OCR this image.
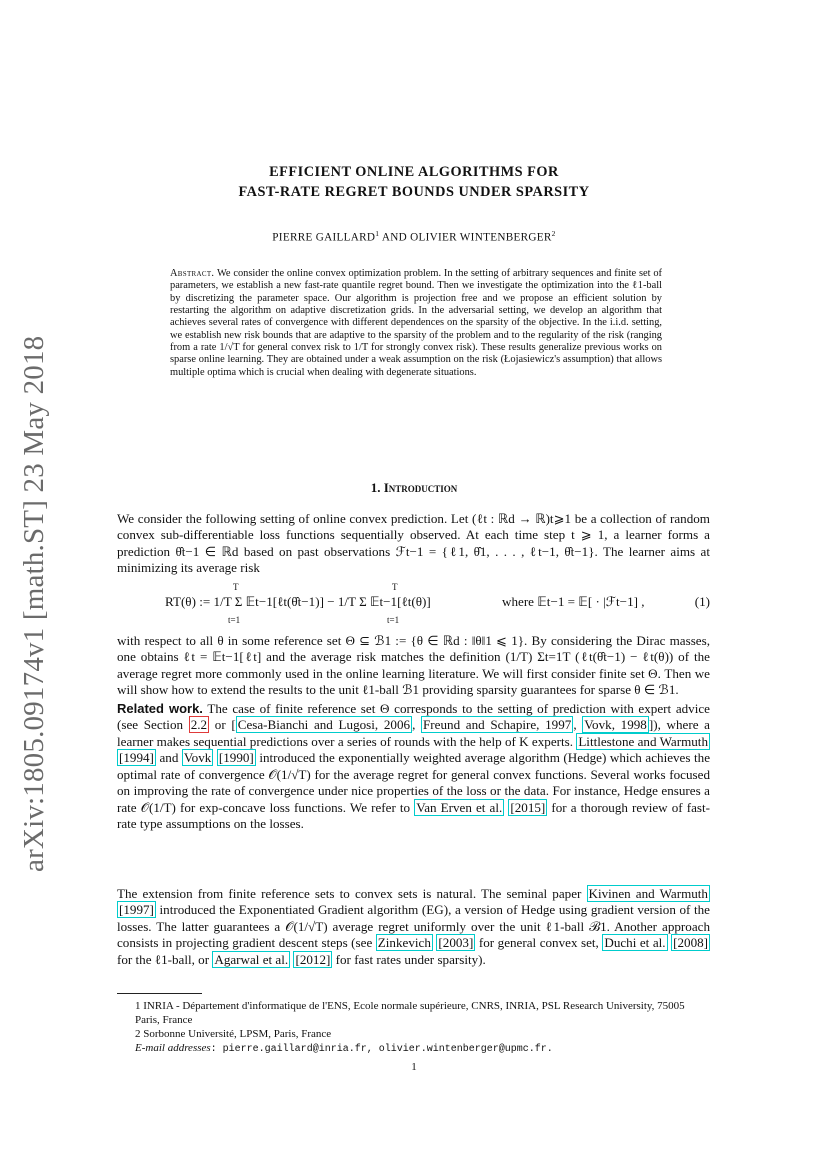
arXiv:1805.09174v1 [math.ST] 23 May 2018
EFFICIENT ONLINE ALGORITHMS FOR
FAST-RATE REGRET BOUNDS UNDER SPARSITY
PIERRE GAILLARD$^1$ AND OLIVIER WINTENBERGER$^2$
Abstract. We consider the online convex optimization problem. In the setting of arbitrary sequences and finite set of parameters, we establish a new fast-rate quantile regret bound. Then we investigate the optimization into the ℓ1-ball by discretizing the parameter space. Our algorithm is projection free and we propose an efficient solution by restarting the algorithm on adaptive discretization grids. In the adversarial setting, we develop an algorithm that achieves several rates of convergence with different dependences on the sparsity of the objective. In the i.i.d. setting, we establish new risk bounds that are adaptive to the sparsity of the problem and to the regularity of the risk (ranging from a rate 1/√T for general convex risk to 1/T for strongly convex risk). These results generalize previous works on sparse online learning. They are obtained under a weak assumption on the risk (Łojasiewicz's assumption) that allows multiple optima which is crucial when dealing with degenerate situations.
1. Introduction
We consider the following setting of online convex prediction. Let (ℓt : ℝd → ℝ)t⩾1 be a collection of random convex sub-differentiable loss functions sequentially observed. At each time step t ⩾ 1, a learner forms a prediction θ̂t−1 ∈ ℝd based on past observations ℱt−1 = {ℓ1, θ̂1, . . . , ℓt−1, θ̂t−1}. The learner aims at minimizing its average risk
RT(θ) := 1/T Σ 𝔼t−1[ℓt(θ̂t−1)] − 1/T Σ 𝔼t−1[ℓt(θ)]
T
t=1
T
t=1
where 𝔼t−1 = 𝔼[ · |ℱt−1] ,	(1)
with respect to all θ in some reference set Θ ⊆ ℬ1 := {θ ∈ ℝd : ‖θ‖1 ⩽ 1}. By considering the Dirac masses, one obtains ℓt = 𝔼t−1[ℓt] and the average risk matches the definition (1/T) Σt=1T (ℓt(θ̂t−1) − ℓt(θ)) of the average regret more commonly used in the online learning literature. We will first consider finite set Θ. Then we will show how to extend the results to the unit ℓ1-ball ℬ1 providing sparsity guarantees for sparse θ ∈ ℬ1.
Related work. The case of finite reference set Θ corresponds to the setting of prediction with expert advice (see Section 2.2 or [ Cesa-Bianchi and Lugosi, 2006 , Freund and Schapire, 1997 , Vovk, 1998 ]), where a learner makes sequential predictions over a series of rounds with the help of K experts. Littlestone and Warmuth [1994] and Vovk [1990] introduced the exponentially weighted average algorithm (Hedge) which achieves the optimal rate of convergence 𝒪(1/√T) for the average regret for general convex functions. Several works focused on improving the rate of convergence under nice properties of the loss or the data. For instance, Hedge ensures a rate 𝒪(1/T) for exp-concave loss functions. We refer to Van Erven et al. [2015] for a thorough review of fast-rate type assumptions on the losses.
The extension from finite reference sets to convex sets is natural. The seminal paper Kivinen and Warmuth [1997] introduced the Exponentiated Gradient algorithm (EG), a version of Hedge using gradient version of the losses. The latter guarantees a 𝒪(1/√T) average regret uniformly over the unit ℓ1-ball ℬ1. Another approach consists in projecting gradient descent steps (see Zinkevich [2003] for general convex set, Duchi et al. [2008] for the ℓ1-ball, or Agarwal et al. [2012] for fast rates under sparsity).
1 INRIA - Département d'informatique de l'ENS, Ecole normale supérieure, CNRS, INRIA, PSL Research University, 75005 Paris, France
2 Sorbonne Université, LPSM, Paris, France
E-mail addresses: pierre.gaillard@inria.fr, olivier.wintenberger@upmc.fr.
1
